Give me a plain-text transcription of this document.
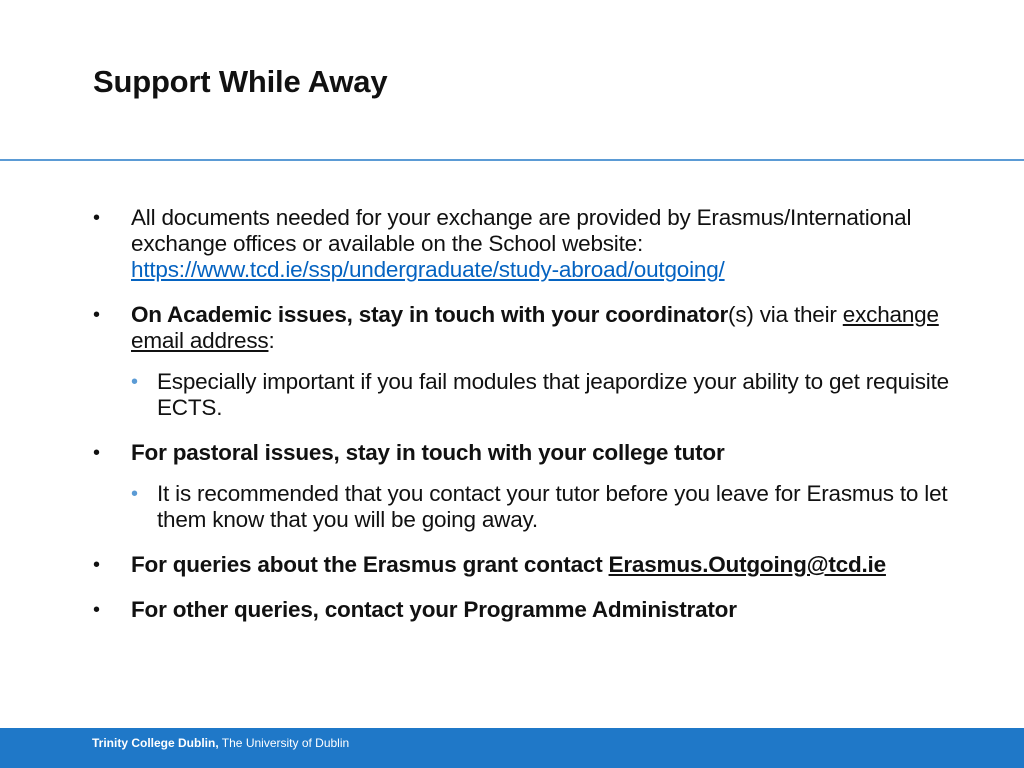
Support While Away
• All documents needed for your exchange are provided by Erasmus/International exchange offices or available on the School website: https://www.tcd.ie/ssp/undergraduate/study-abroad/outgoing/
• On Academic issues, stay in touch with your coordinator(s) via their exchange email address:
• Especially important if you fail modules that jeapordize your ability to get requisite ECTS.
• For pastoral issues, stay in touch with your college tutor
• It is recommended that you contact your tutor before you leave for Erasmus to let them know that you will be going away.
• For queries about the Erasmus grant contact Erasmus.Outgoing@tcd.ie
• For other queries, contact your Programme Administrator
Trinity College Dublin, The University of Dublin
